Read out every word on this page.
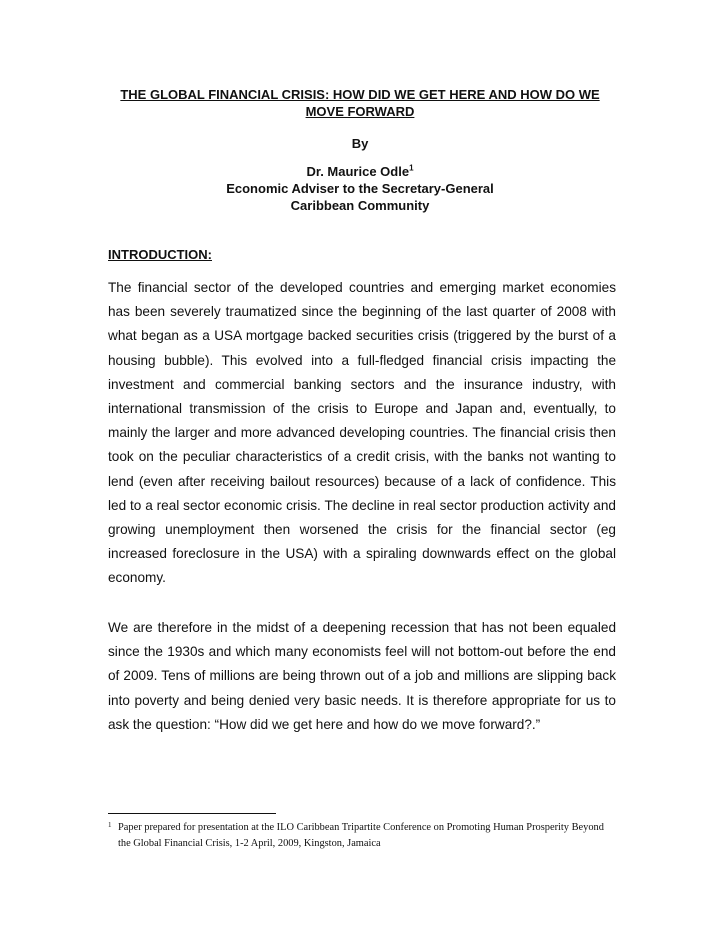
THE GLOBAL FINANCIAL CRISIS: HOW DID WE GET HERE AND HOW DO WE MOVE FORWARD
By
Dr. Maurice Odle$^1$
Economic Adviser to the Secretary-General
Caribbean Community
INTRODUCTION:

The financial sector of the developed countries and emerging market economies has been severely traumatized since the beginning of the last quarter of 2008 with what began as a USA mortgage backed securities crisis (triggered by the burst of a housing bubble). This evolved into a full-fledged financial crisis impacting the investment and commercial banking sectors and the insurance industry, with international transmission of the crisis to Europe and Japan and, eventually, to mainly the larger and more advanced developing countries. The financial crisis then took on the peculiar characteristics of a credit crisis, with the banks not wanting to lend (even after receiving bailout resources) because of a lack of confidence. This led to a real sector economic crisis. The decline in real sector production activity and growing unemployment then worsened the crisis for the financial sector (eg increased foreclosure in the USA) with a spiraling downwards effect on the global economy.

We are therefore in the midst of a deepening recession that has not been equaled since the 1930s and which many economists feel will not bottom-out before the end of 2009. Tens of millions are being thrown out of a job and millions are slipping back into poverty and being denied very basic needs. It is therefore appropriate for us to ask the question: “How did we get here and how do we move forward?.”

1 Paper prepared for presentation at the ILO Caribbean Tripartite Conference on Promoting Human Prosperity Beyond the Global Financial Crisis, 1-2 April, 2009, Kingston, Jamaica
